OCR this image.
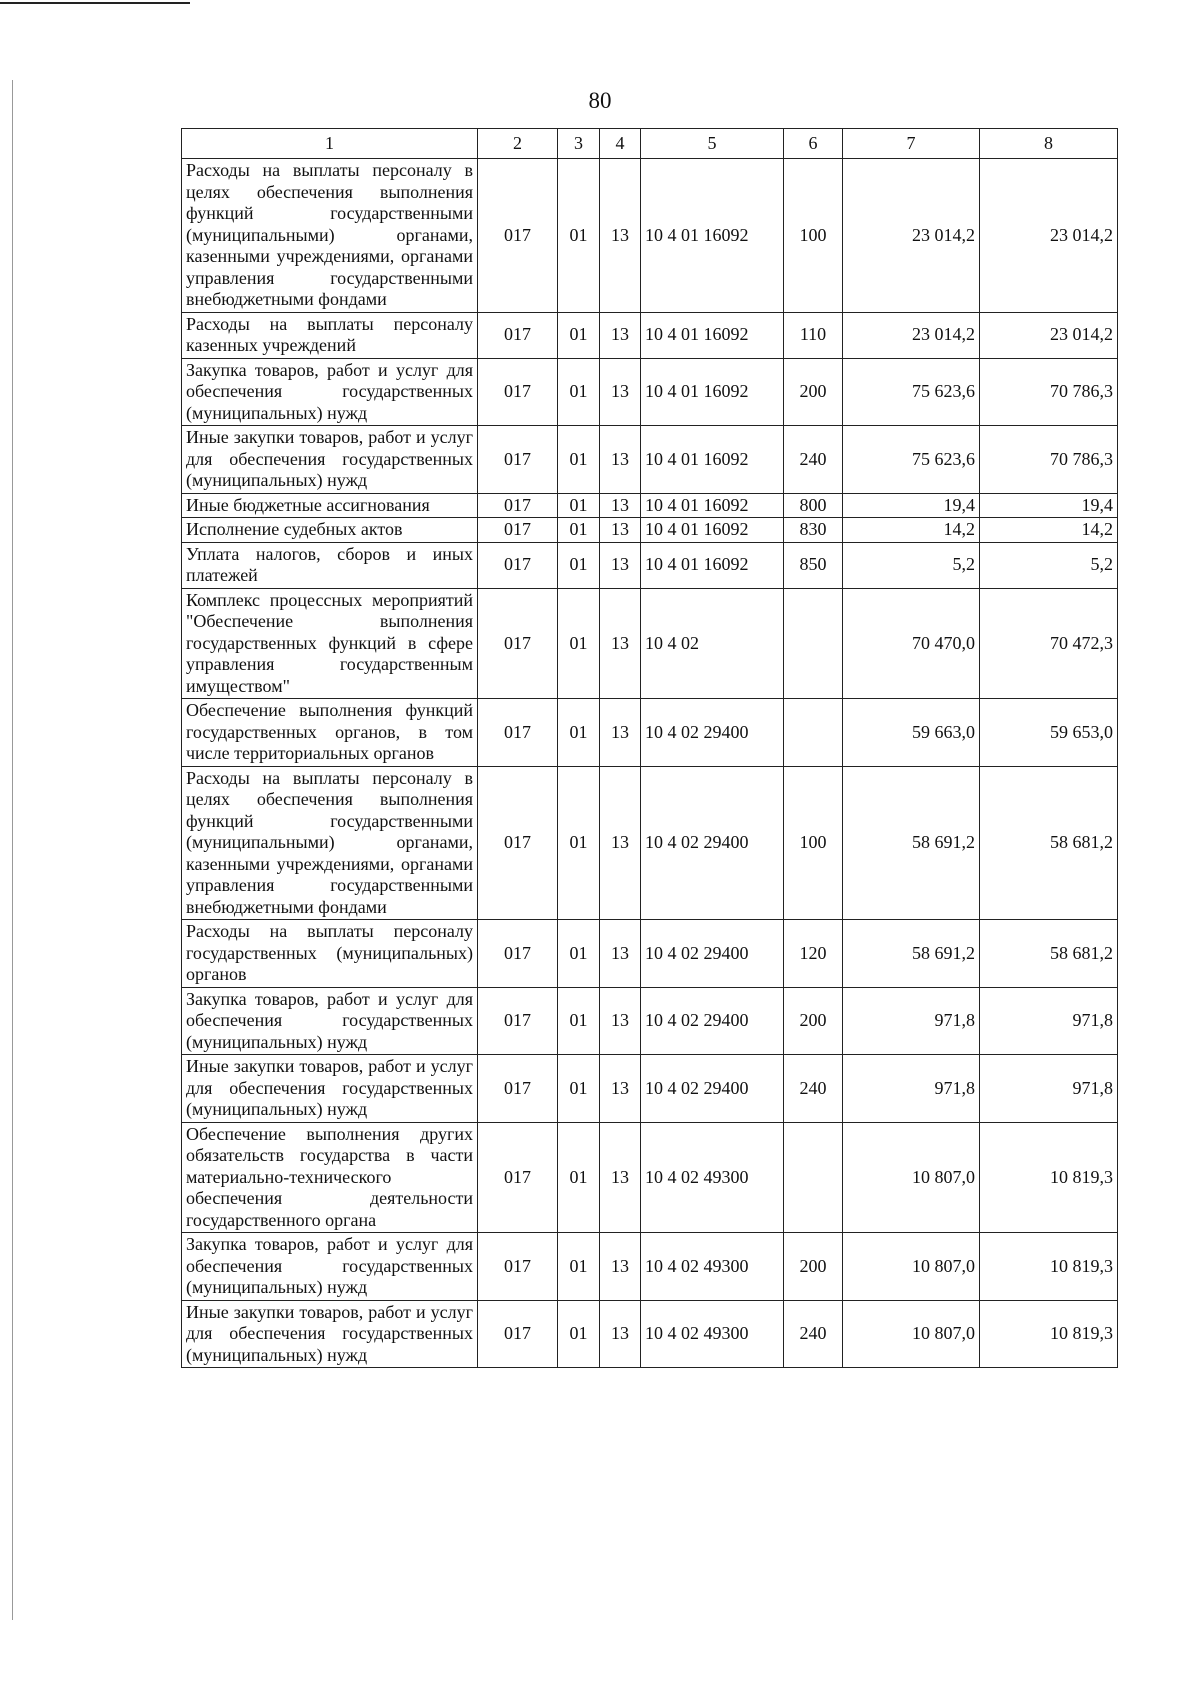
80
1	2	3	4	5	6	7	8
Расходы на выплаты персоналу в целях обеспечения выполнения функций государственными (муниципальными) органами, казенными учреждениями, органами управления государственными внебюджетными фондами	017	01	13	10 4 01 16092	100	23 014,2	23 014,2
Расходы на выплаты персоналу казенных учреждений	017	01	13	10 4 01 16092	110	23 014,2	23 014,2
Закупка товаров, работ и услуг для обеспечения государственных (муниципальных) нужд	017	01	13	10 4 01 16092	200	75 623,6	70 786,3
Иные закупки товаров, работ и услуг для обеспечения государственных (муниципальных) нужд	017	01	13	10 4 01 16092	240	75 623,6	70 786,3
Иные бюджетные ассигнования	017	01	13	10 4 01 16092	800	19,4	19,4
Исполнение судебных актов	017	01	13	10 4 01 16092	830	14,2	14,2
Уплата налогов, сборов и иных платежей	017	01	13	10 4 01 16092	850	5,2	5,2
Комплекс процессных мероприятий "Обеспечение выполнения государственных функций в сфере управления государственным имуществом"	017	01	13	10 4 02		70 470,0	70 472,3
Обеспечение выполнения функций государственных органов, в том числе территориальных органов	017	01	13	10 4 02 29400		59 663,0	59 653,0
Расходы на выплаты персоналу в целях обеспечения выполнения функций государственными (муниципальными) органами, казенными учреждениями, органами управления государственными внебюджетными фондами	017	01	13	10 4 02 29400	100	58 691,2	58 681,2
Расходы на выплаты персоналу государственных (муниципальных) органов	017	01	13	10 4 02 29400	120	58 691,2	58 681,2
Закупка товаров, работ и услуг для обеспечения государственных (муниципальных) нужд	017	01	13	10 4 02 29400	200	971,8	971,8
Иные закупки товаров, работ и услуг для обеспечения государственных (муниципальных) нужд	017	01	13	10 4 02 29400	240	971,8	971,8
Обеспечение выполнения других обязательств государства в части материально-технического обеспечения деятельности государственного органа	017	01	13	10 4 02 49300		10 807,0	10 819,3
Закупка товаров, работ и услуг для обеспечения государственных (муниципальных) нужд	017	01	13	10 4 02 49300	200	10 807,0	10 819,3
Иные закупки товаров, работ и услуг для обеспечения государственных (муниципальных) нужд	017	01	13	10 4 02 49300	240	10 807,0	10 819,3
